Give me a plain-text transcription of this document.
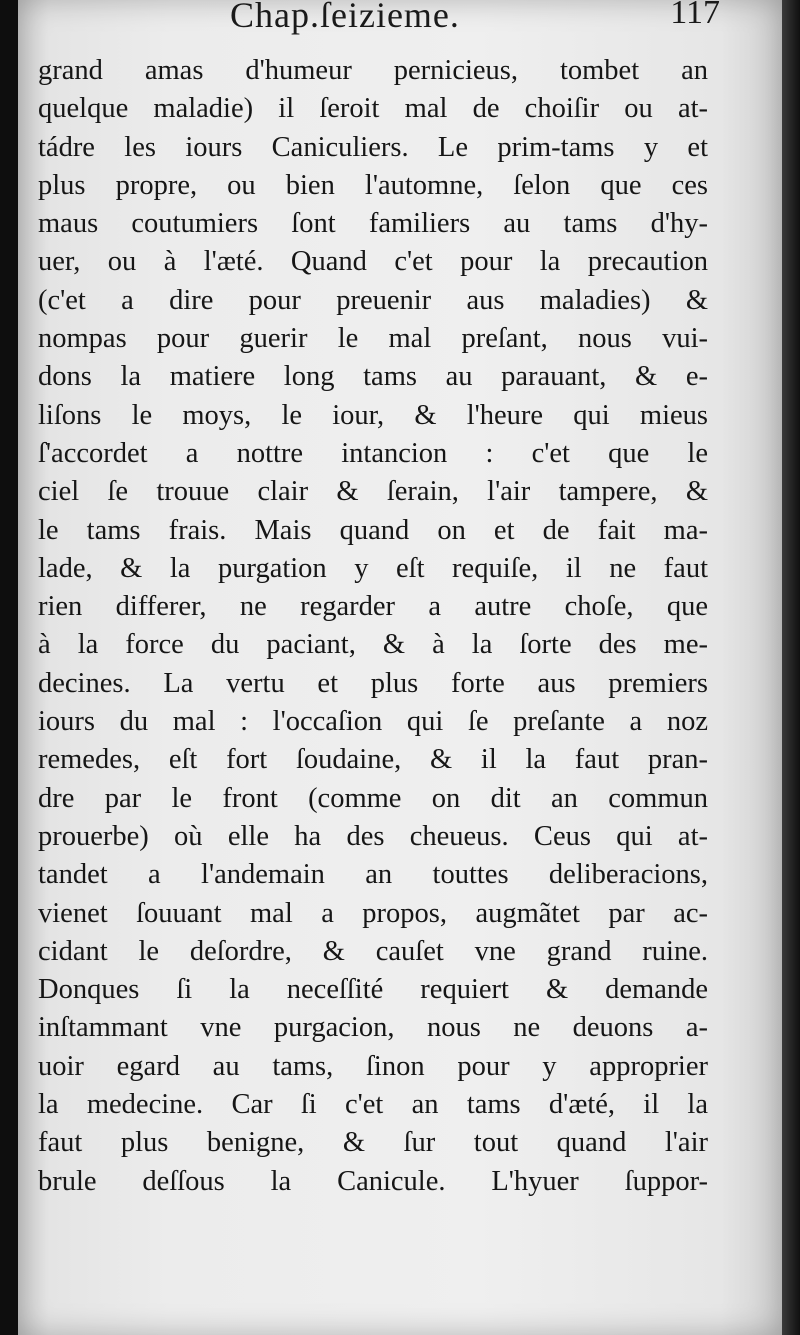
Chap.ſeizieme.	117
grand amas d'humeur pernicieus, tombet an
quelque maladie) il ſeroit mal de choiſir ou at-
tádre les iours Caniculiers. Le prim-tams y et
plus propre, ou bien l'automne, ſelon que ces
maus coutumiers ſont familiers au tams d'hy-
uer, ou à l'æté. Quand c'et pour la precaution
(c'et a dire pour preuenir aus maladies) &
nompas pour guerir le mal preſant, nous vui-
dons la matiere long tams au parauant, & e-
liſons le moys, le iour, & l'heure qui mieus
ſ'accordet a nottre intancion : c'et que le
ciel ſe trouue clair & ſerain, l'air tampere, &
le tams frais. Mais quand on et de fait ma-
lade, & la purgation y eſt requiſe, il ne faut
rien differer, ne regarder a autre choſe, que
à la force du paciant, & à la ſorte des me-
decines. La vertu et plus forte aus premiers
iours du mal : l'occaſion qui ſe preſante a noz
remedes, eſt fort ſoudaine, & il la faut pran-
dre par le front (comme on dit an commun
prouerbe) où elle ha des cheueus. Ceus qui at-
tandet a l'andemain an touttes deliberacions,
vienet ſouuant mal a propos, augmãtet par ac-
cidant le deſordre, & cauſet vne grand ruine.
Donques ſi la neceſſité requiert & demande
inſtammant vne purgacion, nous ne deuons a-
uoir egard au tams, ſinon pour y approprier
la medecine. Car ſi c'et an tams d'æté, il la
faut plus benigne, & ſur tout quand l'air
brule deſſous la Canicule. L'hyuer ſuppor-
